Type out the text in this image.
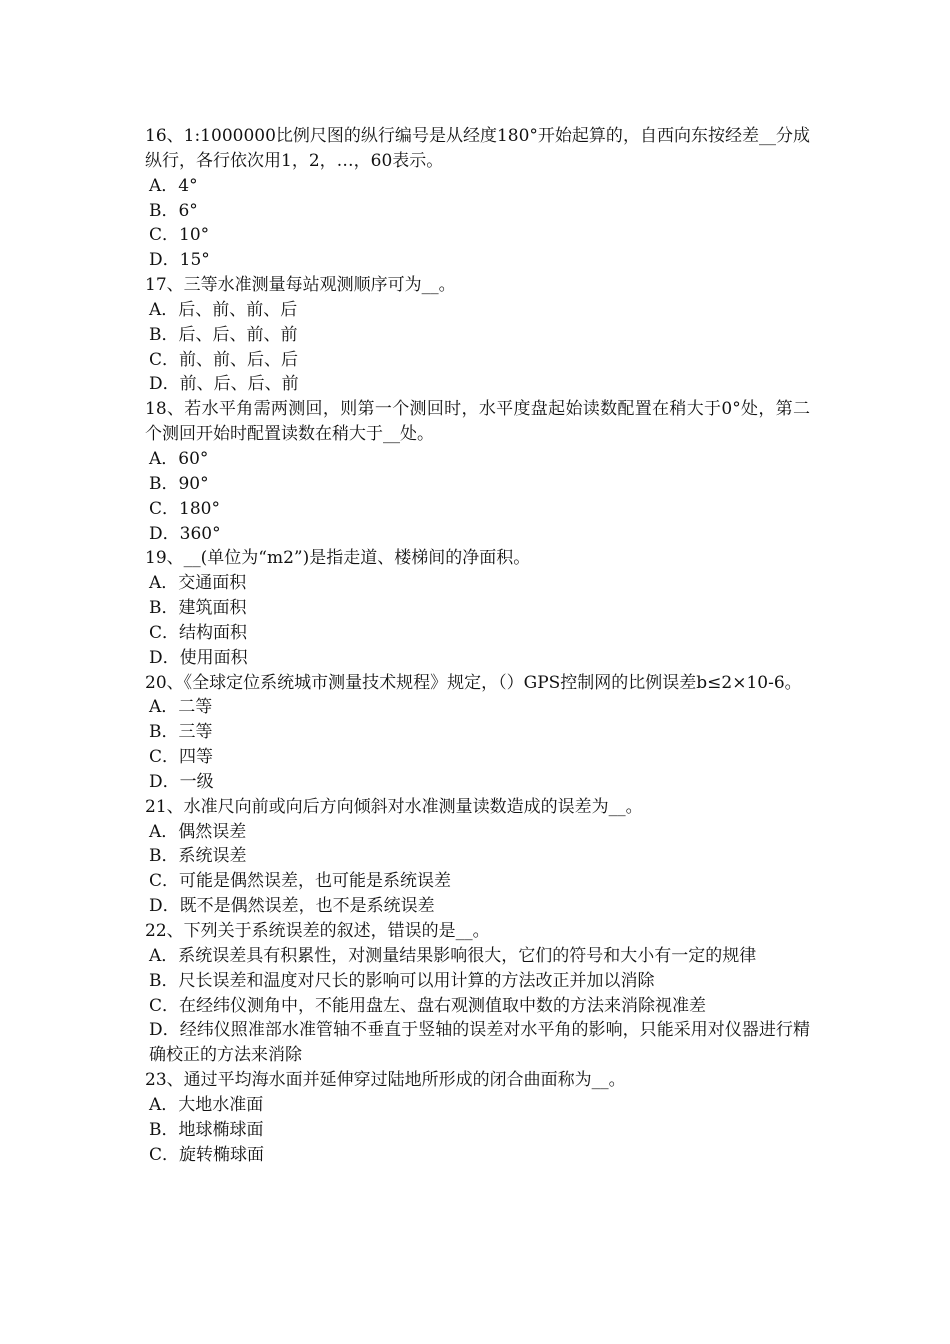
16、1:1000000比例尺图的纵行编号是从经度180°开始起算的，自西向东按经差__分成纵行，各行依次用1，2，…，60表示。

A．4°

B．6°

C．10°

D．15°

17、三等水准测量每站观测顺序可为__。

A．后、前、前、后

B．后、后、前、前

C．前、前、后、后

D．前、后、后、前

18、若水平角需两测回，则第一个测回时，水平度盘起始读数配置在稍大于0°处，第二个测回开始时配置读数在稍大于__处。

A．60°

B．90°

C．180°

D．360°

19、__(单位为“m2”)是指走道、楼梯间的净面积。

A．交通面积

B．建筑面积

C．结构面积

D．使用面积

20、《全球定位系统城市测量技术规程》规定，（）GPS控制网的比例误差b≤2×10-6。

A．二等

B．三等

C．四等

D．一级

21、水准尺向前或向后方向倾斜对水准测量读数造成的误差为__。

A．偶然误差

B．系统误差

C．可能是偶然误差，也可能是系统误差

D．既不是偶然误差，也不是系统误差

22、下列关于系统误差的叙述，错误的是__。

A．系统误差具有积累性，对测量结果影响很大，它们的符号和大小有一定的规律

B．尺长误差和温度对尺长的影响可以用计算的方法改正并加以消除

C．在经纬仪测角中，不能用盘左、盘右观测值取中数的方法来消除视准差

D．经纬仪照准部水准管轴不垂直于竖轴的误差对水平角的影响，只能采用对仪器进行精确校正的方法来消除

23、通过平均海水面并延伸穿过陆地所形成的闭合曲面称为__。

A．大地水准面

B．地球椭球面

C．旋转椭球面
